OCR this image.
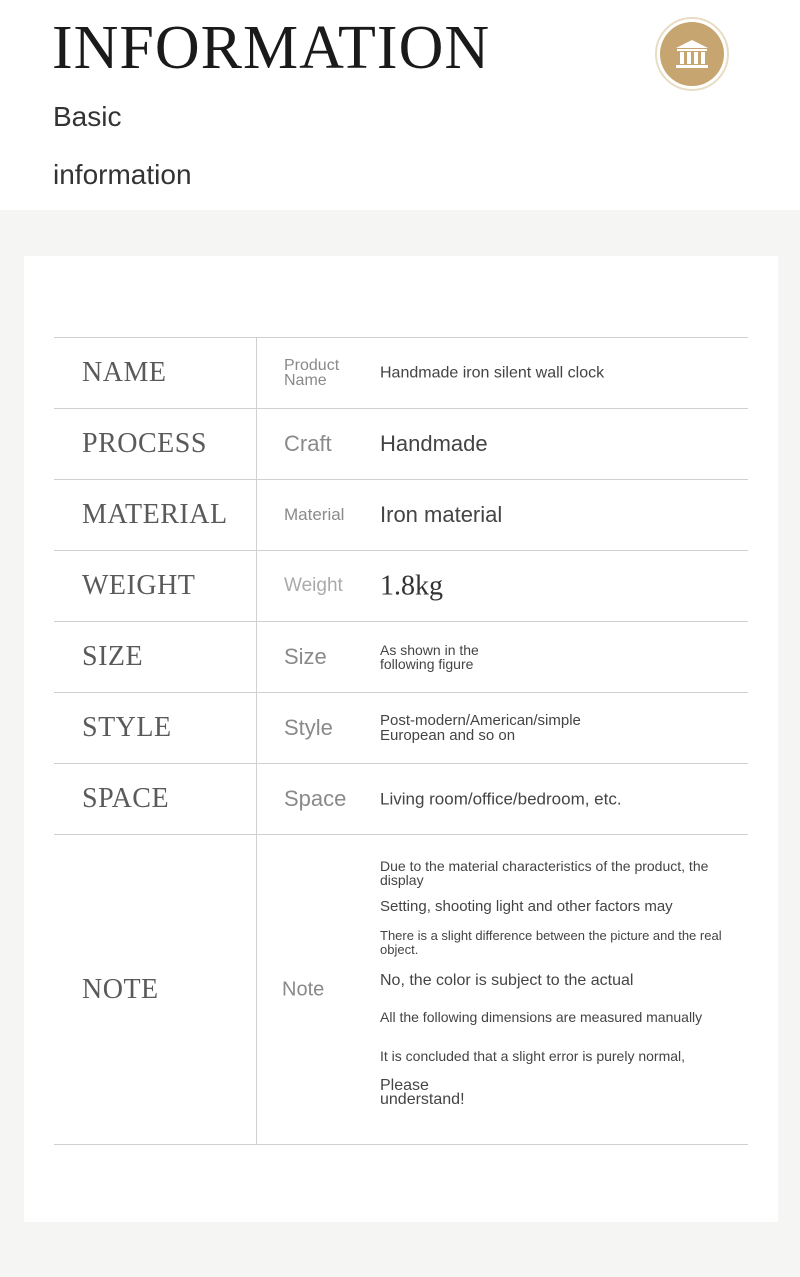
INFORMATION
Basic
information
NAME	Product Name	Handmade iron silent wall clock
PROCESS	Craft Handmade
MATERIAL	Material Iron material
WEIGHT	Weight 1.8kg
SIZE	Size	As shown in the following figure
STYLE	Style	Post-modern/American/simple European and so on
SPACE	Space Living room/office/bedroom, etc.
NOTE	Note
Due to the material characteristics of the product, the display
Setting, shooting light and other factors may
There is a slight difference between the picture and the real object.
No, the color is subject to the actual
All the following dimensions are measured manually
It is concluded that a slight error is purely normal,
Please understand!
